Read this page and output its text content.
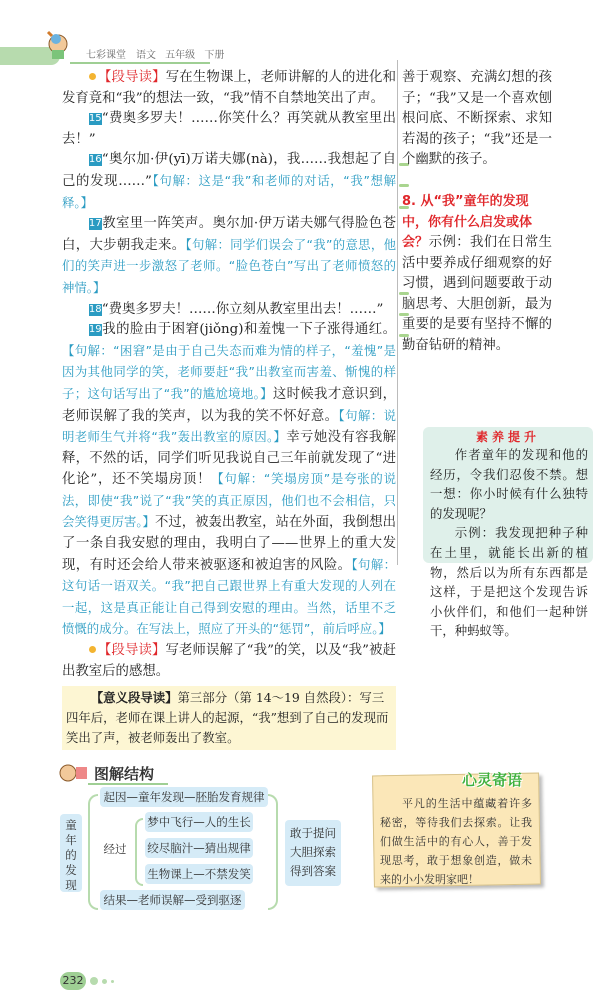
七彩课堂　语文 五年级 下册

善于观察、充满幻想的孩子；“我”又是一个喜欢刨根问底、不断探索、求知若渴的孩子；“我”还是一个幽默的孩子。

8. 从“我”童年的发现中，你有什么启发或体会？ 示例：我们在日常生活中要养成仔细观察的好习惯，遇到问题要敢于动脑思考、大胆创新，最为重要的是要有坚持不懈的勤奋钻研的精神。

素养提升

作者童年的发现和他的经历，令我们忍俊不禁。想一想：你小时候有什么独特的发现呢？

示例：我发现把种子种在土里，就能长出新的植物，然后以为所有东西都是这样，于是把这个发现告诉小伙伴们，和他们一起种饼干，种蚂蚁等。

【段导读】写在生物课上，老师讲解的人的进化和发育竟和“我”的想法一致，“我”情不自禁地笑出了声。

15“费奥多罗夫！……你笑什么？再笑就从教室里出去！”

16“奥尔加·伊(yī)万诺夫娜(nà)，我……我想起了自己的发现……”【句解：这是“我”和老师的对话，“我”想解释。】

17教室里一阵笑声。奥尔加·伊万诺夫娜气得脸色苍白，大步朝我走来。【句解：同学们误会了“我”的意思，他们的笑声进一步激怒了老师。“脸色苍白”写出了老师愤怒的神情。】

18“费奥多罗夫！……你立刻从教室里出去！……”

19我的脸由于困窘(jiǒng)和羞愧一下子涨得通红。【句解：“困窘”是由于自己失态而难为情的样子，“羞愧”是因为其他同学的笑，老师要赶“我”出教室而害羞、惭愧的样子；这句话写出了“我”的尴尬境地。】这时候我才意识到，老师误解了我的笑声，以为我的笑不怀好意。【句解：说明老师生气并将“我”轰出教室的原因。】幸亏她没有容我解释，不然的话，同学们听见我说自己三年前就发现了“进化论”，还不笑塌房顶！【句解：“笑塌房顶”是夸张的说法，即使“我”说了“我”笑的真正原因，他们也不会相信，只会笑得更厉害。】不过，被轰出教室，站在外面，我倒想出了一条自我安慰的理由，我明白了——世界上的重大发现，有时还会给人带来被驱逐和被迫害的风险。【句解：这句话一语双关。“我”把自己跟世界上有重大发现的人列在一起，这是真正能让自己得到安慰的理由。当然，话里不乏愤慨的成分。在写法上，照应了开头的“惩罚”，前后呼应。】

【段导读】写老师误解了“我”的笑，以及“我”被赶出教室后的感想。

【意义段导读】第三部分（第 14～19 自然段）：写三四年后，老师在课上讲人的起源，“我”想到了自己的发现而笑出了声，被老师轰出了教室。

图解结构
童年的发现
起因—童年发现—胚胎发育规律
经过
梦中飞行—人的生长
绞尽脑汁—猜出规律
生物课上—不禁发笑
结果—老师误解—受到驱逐
敢于提问
大胆探索
得到答案
心灵寄语

平凡的生活中蕴藏着许多秘密，等待我们去探索。让我们做生活中的有心人，善于发现思考，敢于想象创造，做未来的小小发明家吧！

232
